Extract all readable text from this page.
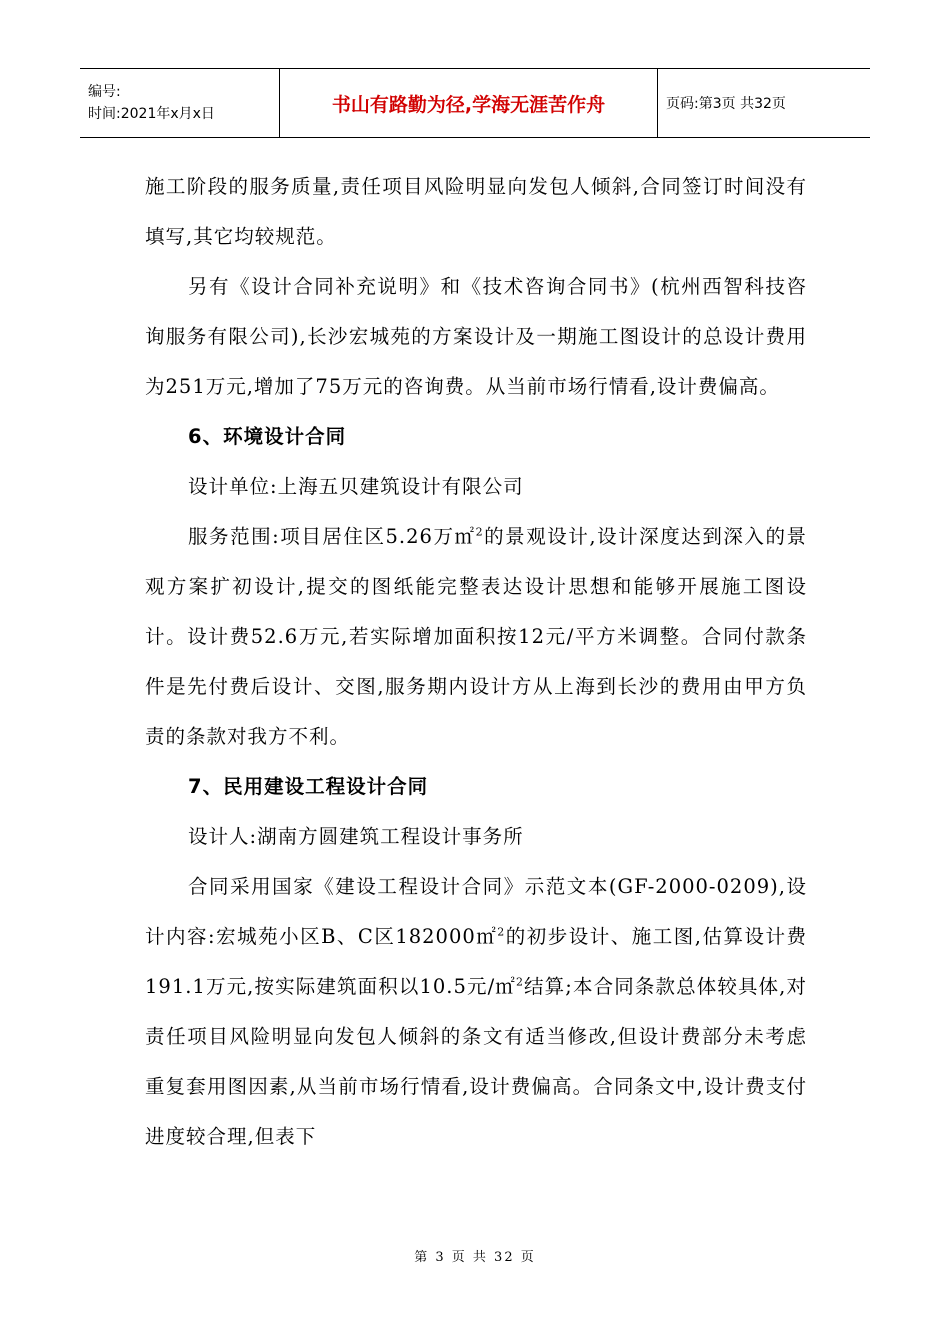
编号:
时间:2021年x月x日	书山有路勤为径,学海无涯苦作舟	页码:第3页 共32页

施工阶段的服务质量,责任项目风险明显向发包人倾斜,合同签订时间没有填写,其它均较规范。

另有《设计合同补充说明》和《技术咨询合同书》(杭州西智科技咨询服务有限公司),长沙宏城苑的方案设计及一期施工图设计的总设计费用为251万元,增加了75万元的咨询费。从当前市场行情看,设计费偏高。

6、环境设计合同

设计单位:上海五贝建筑设计有限公司

服务范围:项目居住区5.26万㎡$^2$的景观设计,设计深度达到深入的景观方案扩初设计,提交的图纸能完整表达设计思想和能够开展施工图设计。设计费52.6万元,若实际增加面积按12元/平方米调整。合同付款条件是先付费后设计、交图,服务期内设计方从上海到长沙的费用由甲方负责的条款对我方不利。

7、民用建设工程设计合同

设计人:湖南方圆建筑工程设计事务所

合同采用国家《建设工程设计合同》示范文本(GF-2000-0209),设计内容:宏城苑小区B、C区182000㎡$^2$的初步设计、施工图,估算设计费191.1万元,按实际建筑面积以10.5元/㎡$^2$结算;本合同条款总体较具体,对责任项目风险明显向发包人倾斜的条文有适当修改,但设计费部分未考虑重复套用图因素,从当前市场行情看,设计费偏高。合同条文中,设计费支付进度较合理,但表下

第 3 页 共 32 页
